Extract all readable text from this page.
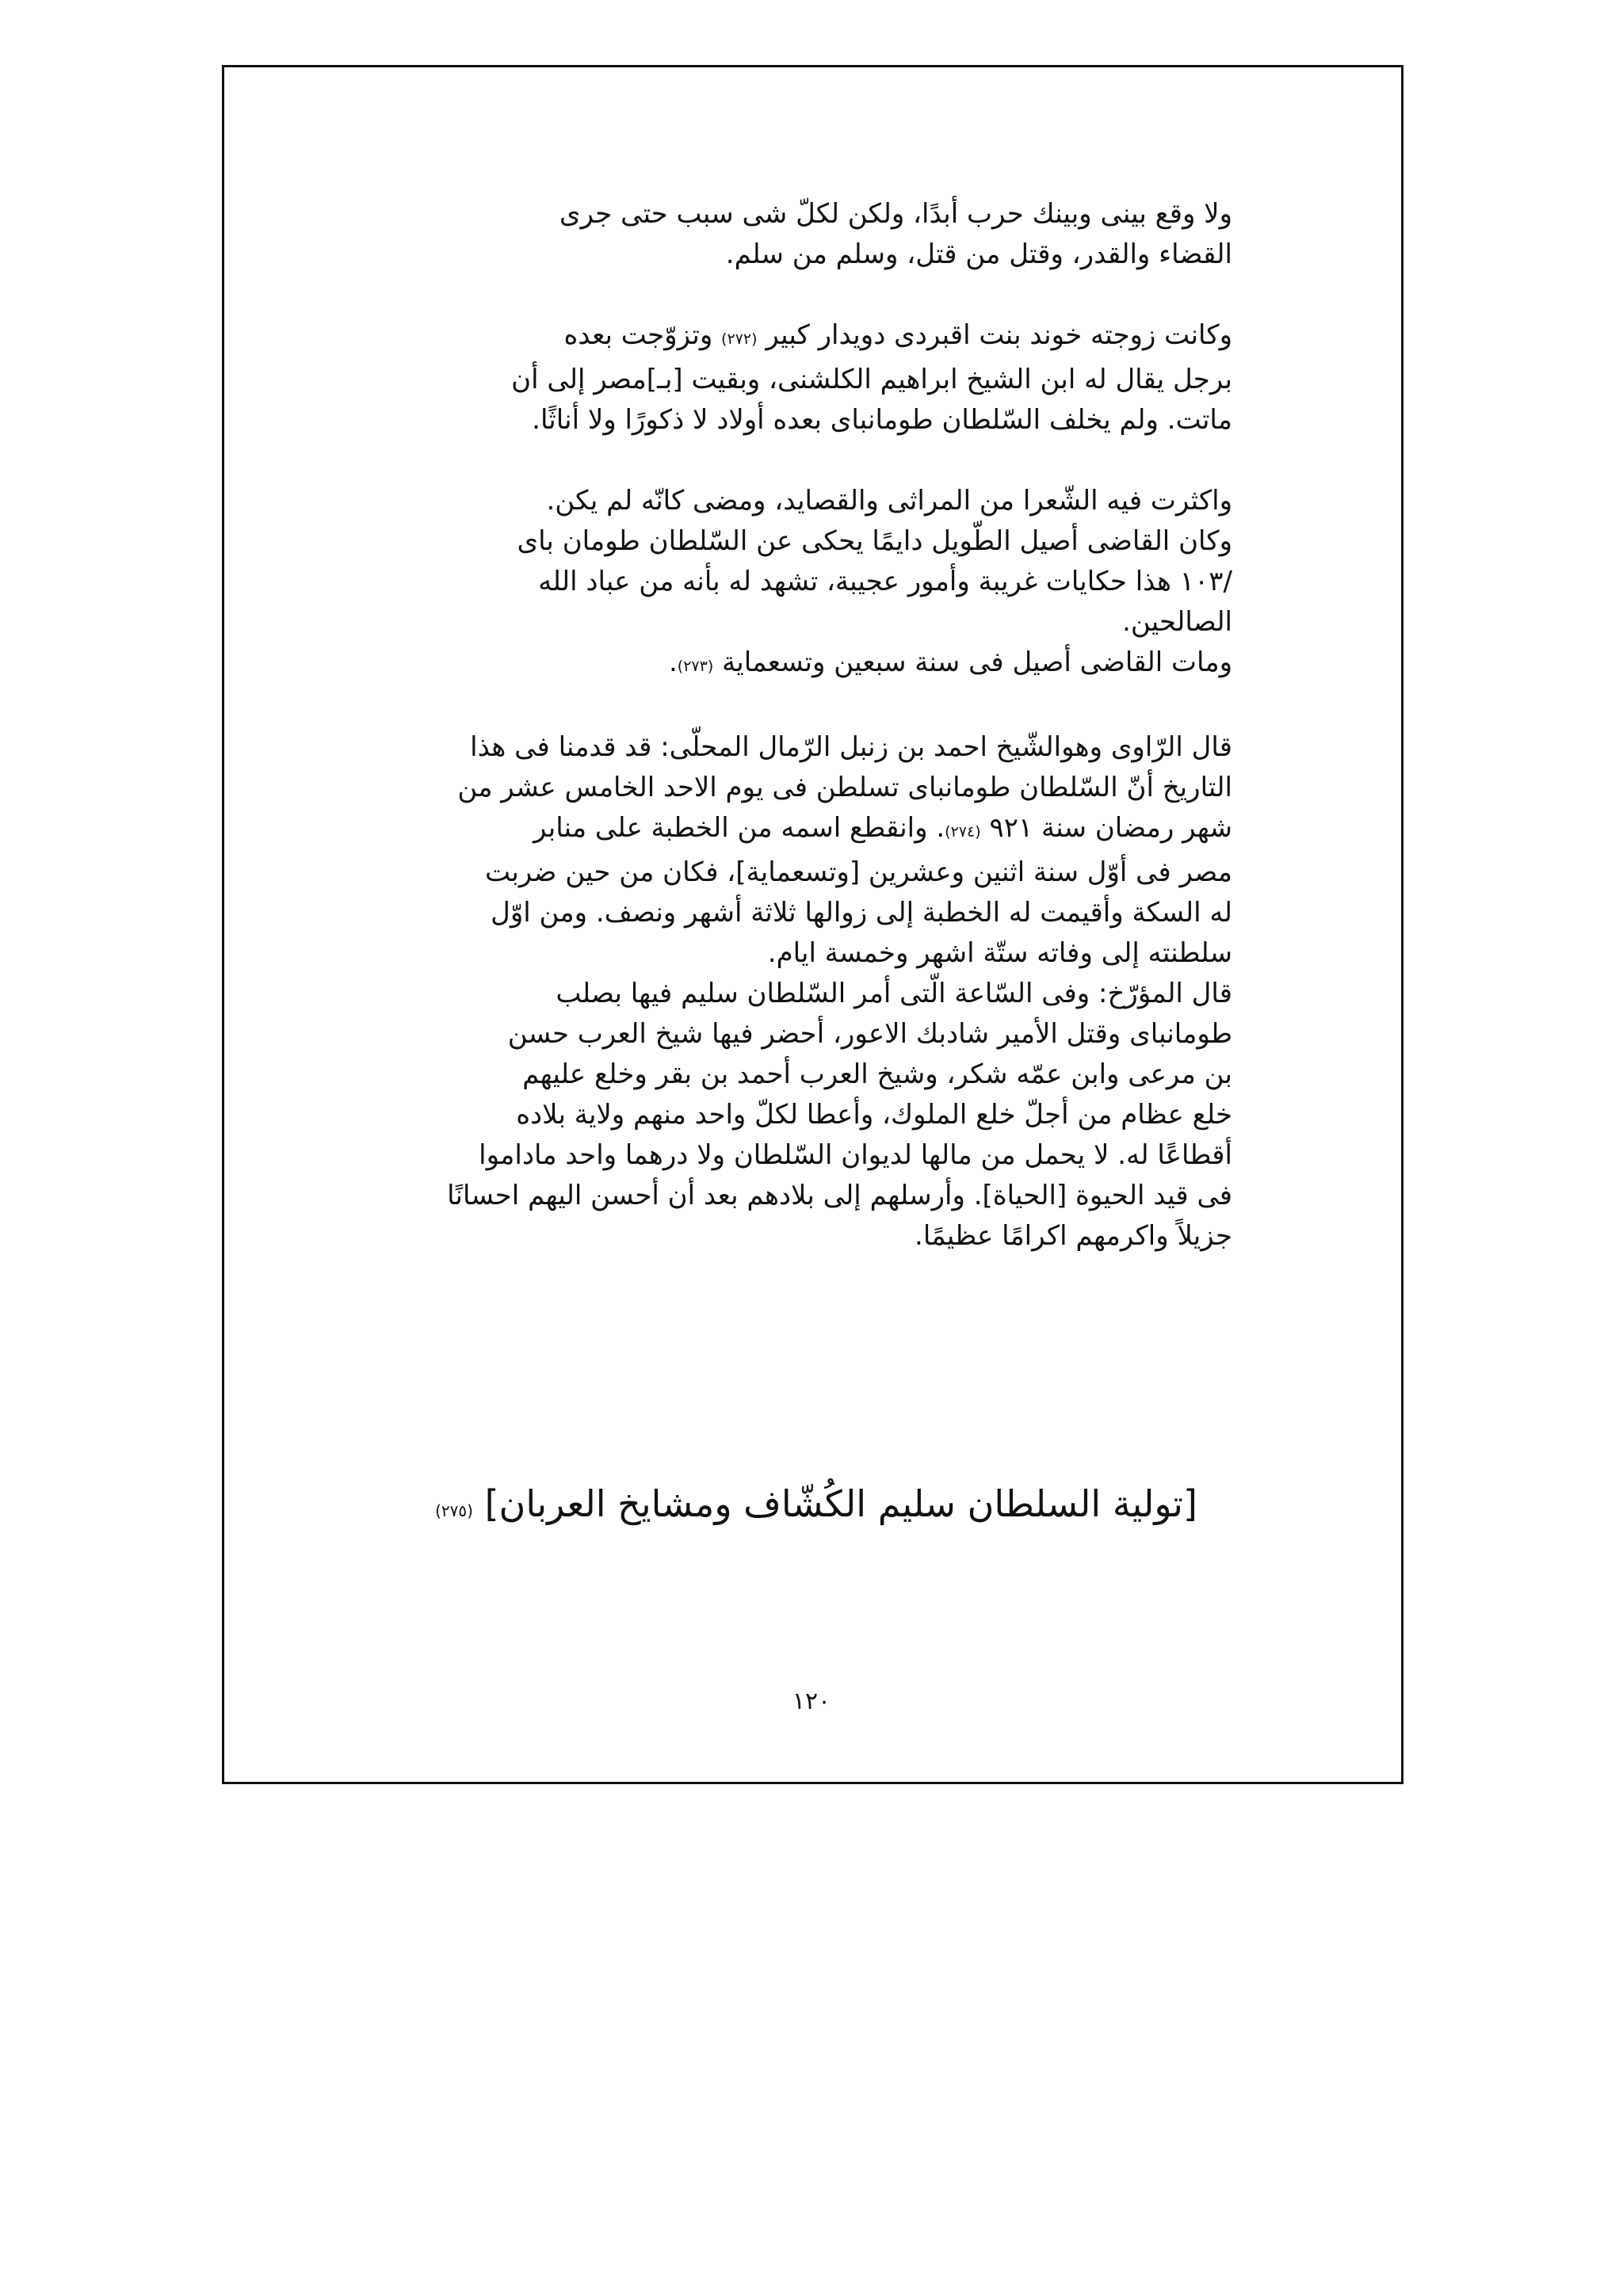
ولا وقع بينى وبينك حرب أبدًا، ولكن لكلّ شى سبب حتى جرى
القضاء والقدر، وقتل من قتل، وسلم من سلم.

وكانت زوجته خوند بنت اقبردى دويدار كبير (٢٧٢) وتزوّجت بعده
برجل يقال له ابن الشيخ ابراهيم الكلشنى، وبقيت [بـ]مصر إلى أن
ماتت. ولم يخلف السّلطان طومانباى بعده أولاد لا ذكورًا ولا أناثًا.

واكثرت فيه الشّعرا من المراثى والقصايد، ومضى كانّه لم يكن.
وكان القاضى أصيل الطّويل دايمًا يحكى عن السّلطان طومان باى
/١٠٣ هذا حكايات غريبة وأمور عجيبة، تشهد له بأنه من عباد الله
الصالحين.
ومات القاضى أصيل فى سنة سبعين وتسعماية (٢٧٣).

قال الرّاوى وهوالشّيخ احمد بن زنبل الرّمال المحلّى: قد قدمنا فى هذا
التاريخ أنّ السّلطان طومانباى تسلطن فى يوم الاحد الخامس عشر من
شهر رمضان سنة ٩٢١ (٢٧٤). وانقطع اسمه من الخطبة على منابر
مصر فى أوّل سنة اثنين وعشرين [وتسعماية]، فكان من حين ضربت
له السكة وأقيمت له الخطبة إلى زوالها ثلاثة أشهر ونصف. ومن اوّل
سلطنته إلى وفاته ستّة اشهر وخمسة ايام.
قال المؤرّخ: وفى السّاعة الّتى أمر السّلطان سليم فيها بصلب
طومانباى وقتل الأمير شادبك الاعور، أحضر فيها شيخ العرب حسن
بن مرعى وابن عمّه شكر، وشيخ العرب أحمد بن بقر وخلع عليهم
خلع عظام من أجلّ خلع الملوك، وأعطا لكلّ واحد منهم ولاية بلاده
أقطاعًا له. لا يحمل من مالها لديوان السّلطان ولا درهما واحد ماداموا
فى قيد الحيوة [الحياة]. وأرسلهم إلى بلادهم بعد أن أحسن اليهم احسانًا
جزيلاً واكرمهم اكرامًا عظيمًا.

[تولية السلطان سليم الكُشّاف ومشايخ العربان] (٢٧٥)
١٢٠
